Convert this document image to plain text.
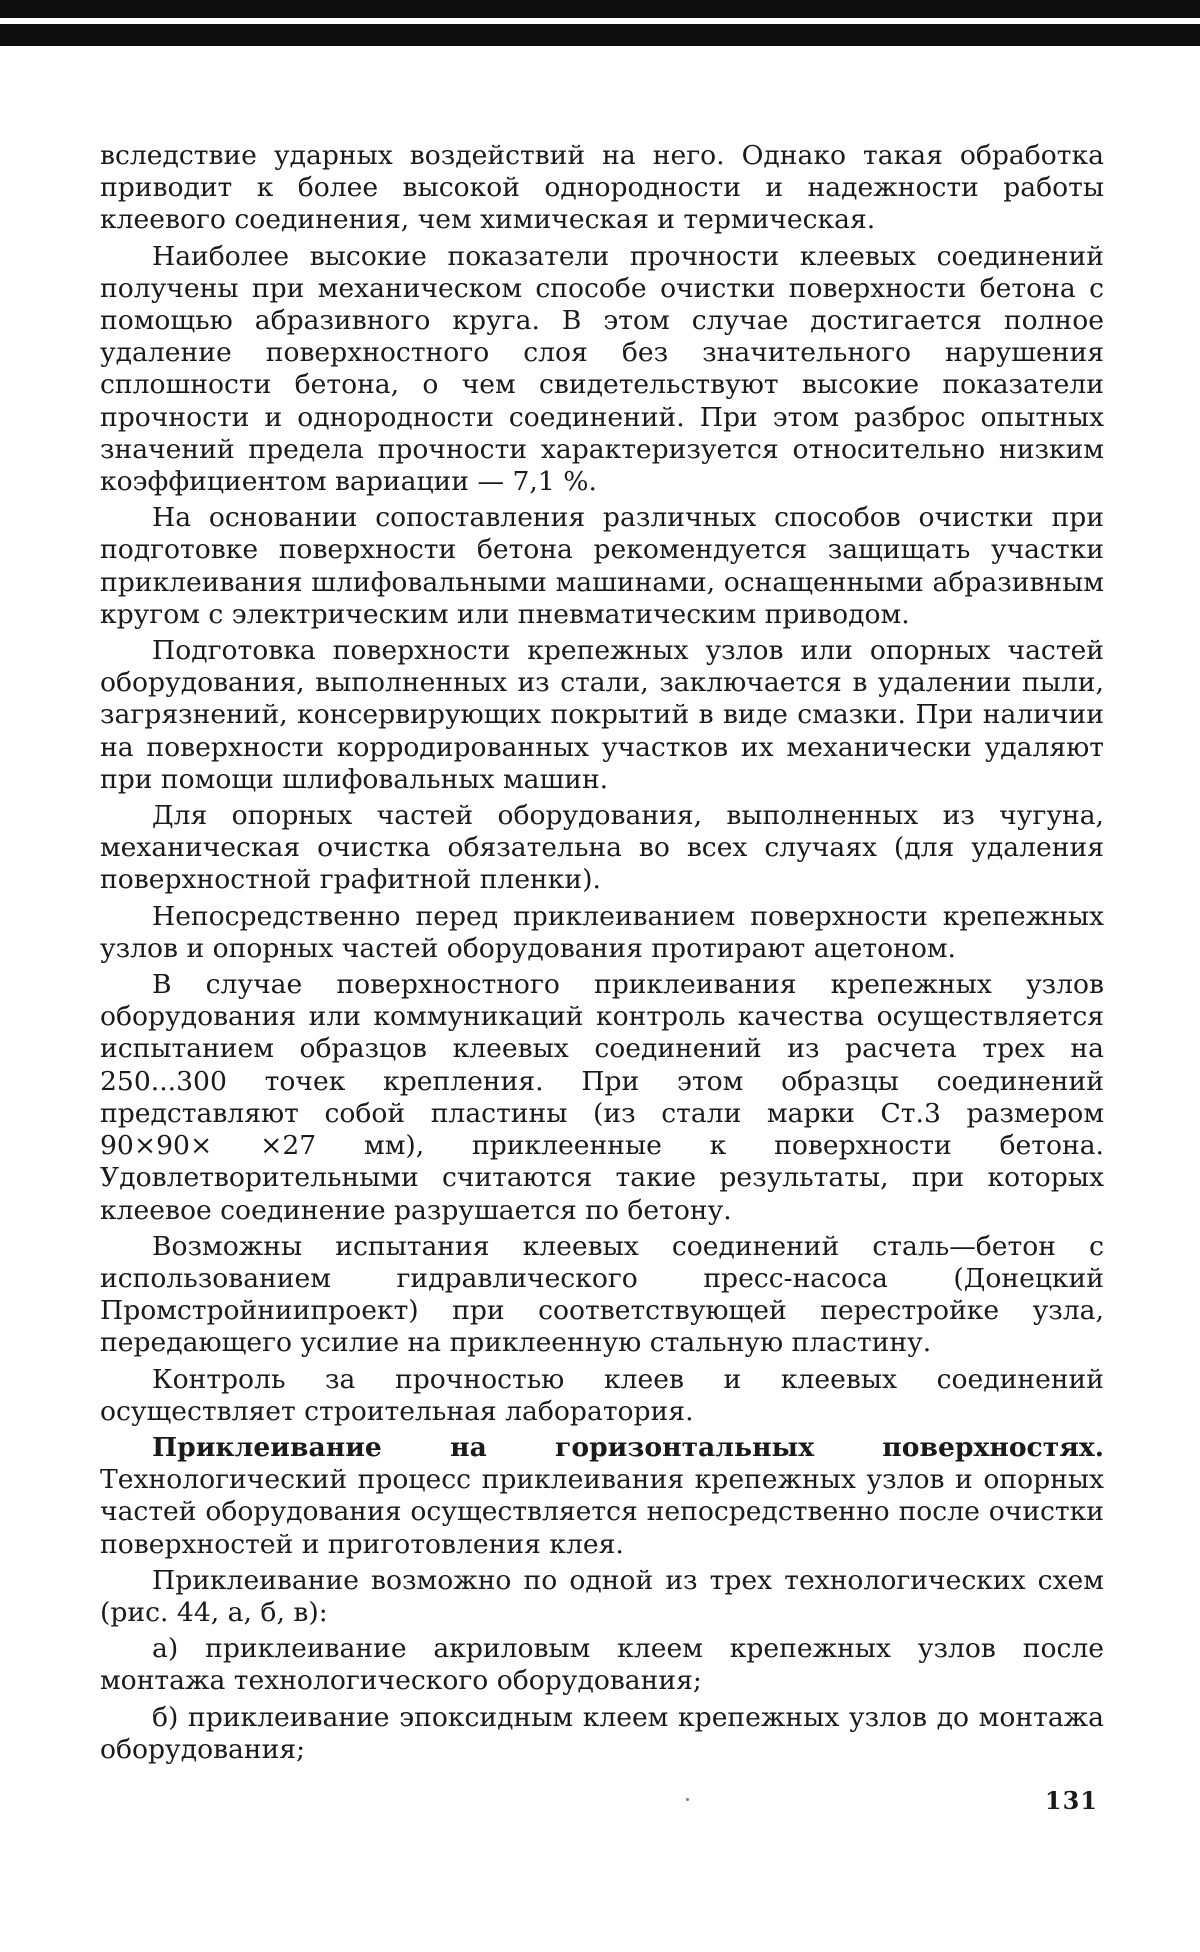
вследствие ударных воздействий на него. Однако такая обработка приводит к более высокой однородности и надежности работы клеевого соединения, чем химическая и термическая.

Наиболее высокие показатели прочности клеевых соединений получены при механическом способе очистки поверхности бетона с помощью абразивного круга. В этом случае достигается полное удаление поверхностного слоя без значительного нарушения сплошности бетона, о чем свидетельствуют высокие показатели прочности и однородности соединений. При этом разброс опытных значений предела прочности характеризуется относительно низким коэффициентом вариации — 7,1 %.

На основании сопоставления различных способов очистки при подготовке поверхности бетона рекомендуется защищать участки приклеивания шлифовальными машинами, оснащенными абразивным кругом с электрическим или пневматическим приводом.

Подготовка поверхности крепежных узлов или опорных частей оборудования, выполненных из стали, заключается в удалении пыли, загрязнений, консервирующих покрытий в виде смазки. При наличии на поверхности корродированных участков их механически удаляют при помощи шлифовальных машин.

Для опорных частей оборудования, выполненных из чугуна, механическая очистка обязательна во всех случаях (для удаления поверхностной графитной пленки).

Непосредственно перед приклеиванием поверхности крепежных узлов и опорных частей оборудования протирают ацетоном.

В случае поверхностного приклеивания крепежных узлов оборудования или коммуникаций контроль качества осуществляется испытанием образцов клеевых соединений из расчета трех на 250...300 точек крепления. При этом образцы соединений представляют собой пластины (из стали марки Ст.3 размером 90×90× ×27 мм), приклеенные к поверхности бетона. Удовлетворительными считаются такие результаты, при которых клеевое соединение разрушается по бетону.

Возможны испытания клеевых соединений сталь—бетон с использованием гидравлического пресс-насоса (Донецкий Промстройниипроект) при соответствующей перестройке узла, передающего усилие на приклеенную стальную пластину.

Контроль за прочностью клеев и клеевых соединений осуществляет строительная лаборатория.

Приклеивание на горизонтальных поверхностях. Технологический процесс приклеивания крепежных узлов и опорных частей оборудования осуществляется непосредственно после очистки поверхностей и приготовления клея.

Приклеивание возможно по одной из трех технологических схем (рис. 44, а, б, в):

а) приклеивание акриловым клеем крепежных узлов после монтажа технологического оборудования;

б) приклеивание эпоксидным клеем крепежных узлов до монтажа оборудования;

131
